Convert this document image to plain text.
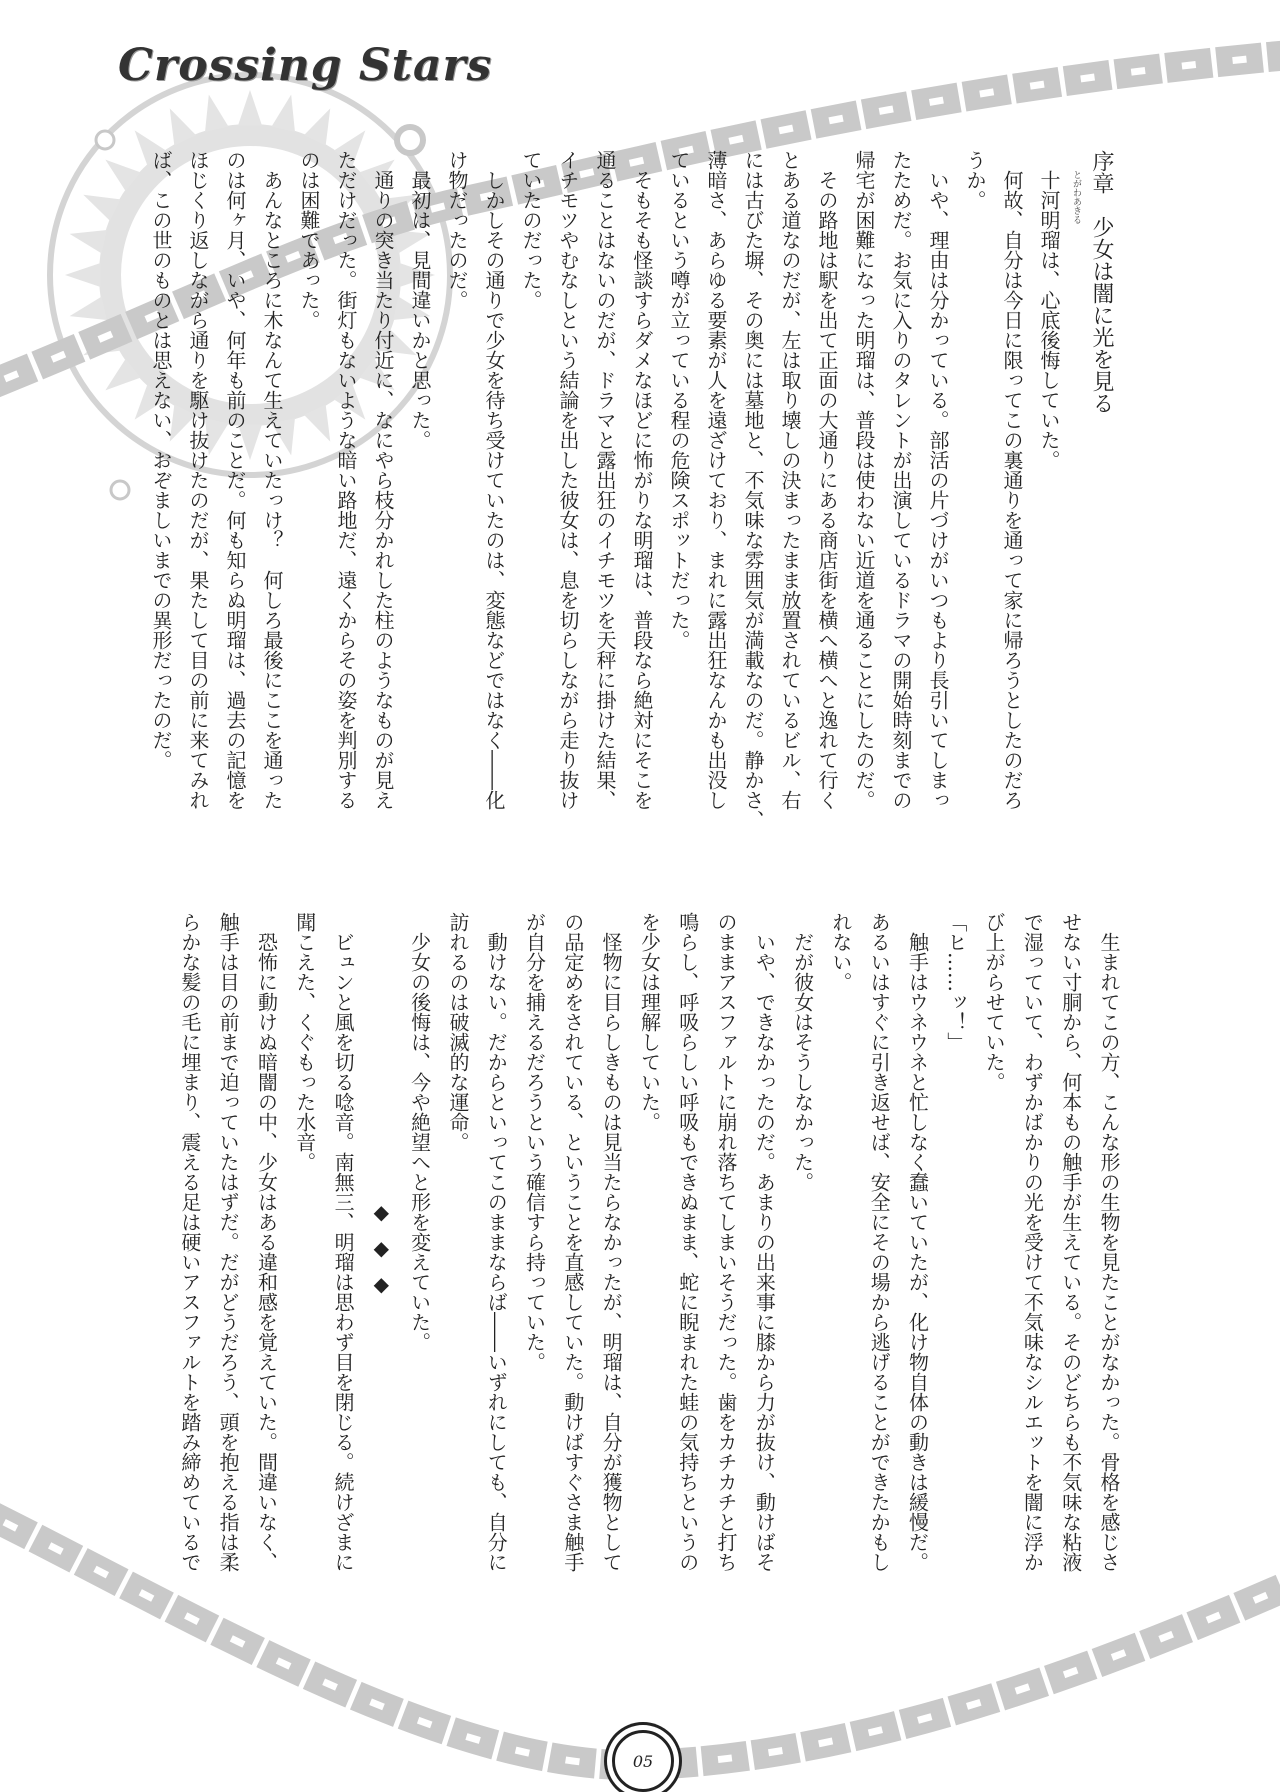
Crossing Stars
序章　少女は闇に光を見る
　十河明瑠は、心底後悔していた。 とがわあきる
　何故、自分は今日に限ってこの裏通りを通って家に帰ろうとしたのだろ
うか。
　いや、理由は分かっている。部活の片づけがいつもより長引いてしまっ
たためだ。お気に入りのタレントが出演しているドラマの開始時刻までの
帰宅が困難になった明瑠は、普段は使わない近道を通ることにしたのだ。
　その路地は駅を出て正面の大通りにある商店街を横へ横へと逸れて行く
とある道なのだが、左は取り壊しの決まったまま放置されているビル、右
には古びた塀、その奥には墓地と、不気味な雰囲気が満載なのだ。静かさ、
薄暗さ、あらゆる要素が人を遠ざけており、まれに露出狂なんかも出没し
ているという噂が立っている程の危険スポットだった。
　そもそも怪談すらダメなほどに怖がりな明瑠は、普段なら絶対にそこを
通ることはないのだが、ドラマと露出狂のイチモツを天秤に掛けた結果、
イチモツやむなしという結論を出した彼女は、息を切らしながら走り抜け
ていたのだった。
　しかしその通りで少女を待ち受けていたのは、変態などではなく――化
け物だったのだ。
　最初は、見間違いかと思った。
　通りの突き当たり付近に、なにやら枝分かれした柱のようなものが見え
ただけだった。街灯もないような暗い路地だ、遠くからその姿を判別する
のは困難であった。
　あんなところに木なんて生えていたっけ？　何しろ最後にここを通った
のは何ヶ月、いや、何年も前のことだ。何も知らぬ明瑠は、過去の記憶を
ほじくり返しながら通りを駆け抜けたのだが、果たして目の前に来てみれ
ば、この世のものとは思えない、おぞましいまでの異形だったのだ。
　生まれてこの方、こんな形の生物を見たことがなかった。骨格を感じさ
せない寸胴から、何本もの触手が生えている。そのどちらも不気味な粘液
で湿っていて、わずかばかりの光を受けて不気味なシルエットを闇に浮か
び上がらせていた。
「ヒ……ッ！」
　触手はウネウネと忙しなく蠢いていたが、化け物自体の動きは緩慢だ。
あるいはすぐに引き返せば、安全にその場から逃げることができたかもし
れない。
　だが彼女はそうしなかった。
　いや、できなかったのだ。あまりの出来事に膝から力が抜け、動けばそ
のままアスファルトに崩れ落ちてしまいそうだった。歯をカチカチと打ち
鳴らし、呼吸らしい呼吸もできぬまま、蛇に睨まれた蛙の気持ちというの
を少女は理解していた。
　怪物に目らしきものは見当たらなかったが、明瑠は、自分が獲物として
の品定めをされている、ということを直感していた。動けばすぐさま触手
が自分を捕えるだろうという確信すら持っていた。
　動けない。だからといってこのままならば――いずれにしても、自分に
訪れるのは破滅的な運命。
　少女の後悔は、今や絶望へと形を変えていた。
　　　　　　　　　◆◆◆
　ビュンと風を切る唸音。南無三、明瑠は思わず目を閉じる。続けざまに
聞こえた、くぐもった水音。
　恐怖に動けぬ暗闇の中、少女はある違和感を覚えていた。間違いなく、
触手は目の前まで迫っていたはずだ。だがどうだろう、頭を抱える指は柔
らかな髪の毛に埋まり、震える足は硬いアスファルトを踏み締めているで
05
